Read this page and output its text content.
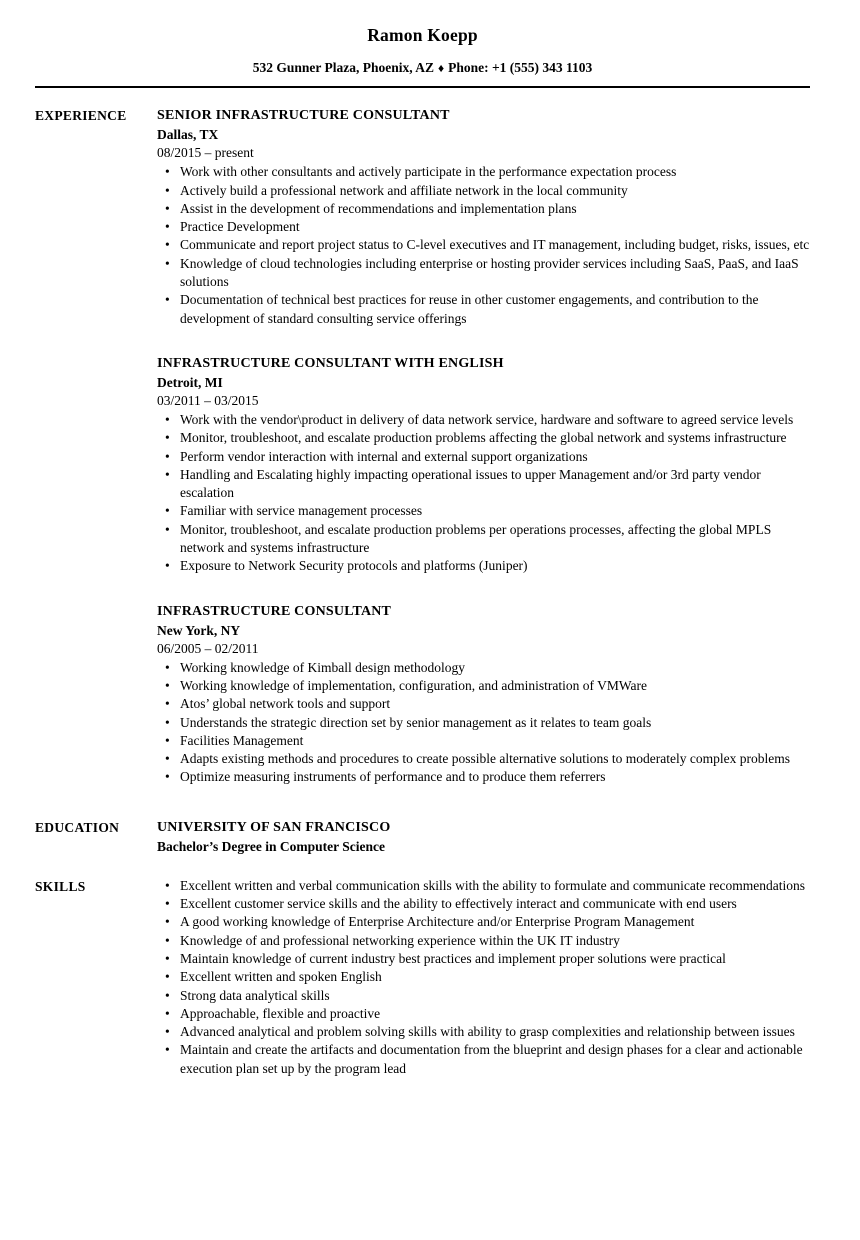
Ramon Koepp
532 Gunner Plaza, Phoenix, AZ ♦ Phone: +1 (555) 343 1103
EXPERIENCE	SENIOR INFRASTRUCTURE CONSULTANT
Dallas, TX
08/2015 – present
• Work with other consultants and actively participate in the performance expectation process
• Actively build a professional network and affiliate network in the local community
• Assist in the development of recommendations and implementation plans
• Practice Development
• Communicate and report project status to C-level executives and IT management, including budget, risks, issues, etc
• Knowledge of cloud technologies including enterprise or hosting provider services including SaaS, PaaS, and IaaS solutions
• Documentation of technical best practices for reuse in other customer engagements, and contribution to the development of standard consulting service offerings
INFRASTRUCTURE CONSULTANT WITH ENGLISH
Detroit, MI
03/2011 – 03/2015
• Work with the vendor\product in delivery of data network service, hardware and software to agreed service levels
• Monitor, troubleshoot, and escalate production problems affecting the global network and systems infrastructure
• Perform vendor interaction with internal and external support organizations
• Handling and Escalating highly impacting operational issues to upper Management and/or 3rd party vendor escalation
• Familiar with service management processes
• Monitor, troubleshoot, and escalate production problems per operations processes, affecting the global MPLS network and systems infrastructure
• Exposure to Network Security protocols and platforms (Juniper)
INFRASTRUCTURE CONSULTANT
New York, NY
06/2005 – 02/2011
• Working knowledge of Kimball design methodology
• Working knowledge of implementation, configuration, and administration of VMWare
• Atos’ global network tools and support
• Understands the strategic direction set by senior management as it relates to team goals
• Facilities Management
• Adapts existing methods and procedures to create possible alternative solutions to moderately complex problems
• Optimize measuring instruments of performance and to produce them referrers
EDUCATION	UNIVERSITY OF SAN FRANCISCO
Bachelor’s Degree in Computer Science
SKILLS	• Excellent written and verbal communication skills with the ability to formulate and communicate recommendations
• Excellent customer service skills and the ability to effectively interact and communicate with end users
• A good working knowledge of Enterprise Architecture and/or Enterprise Program Management
• Knowledge of and professional networking experience within the UK IT industry
• Maintain knowledge of current industry best practices and implement proper solutions were practical
• Excellent written and spoken English
• Strong data analytical skills
• Approachable, flexible and proactive
• Advanced analytical and problem solving skills with ability to grasp complexities and relationship between issues
• Maintain and create the artifacts and documentation from the blueprint and design phases for a clear and actionable execution plan set up by the program lead
